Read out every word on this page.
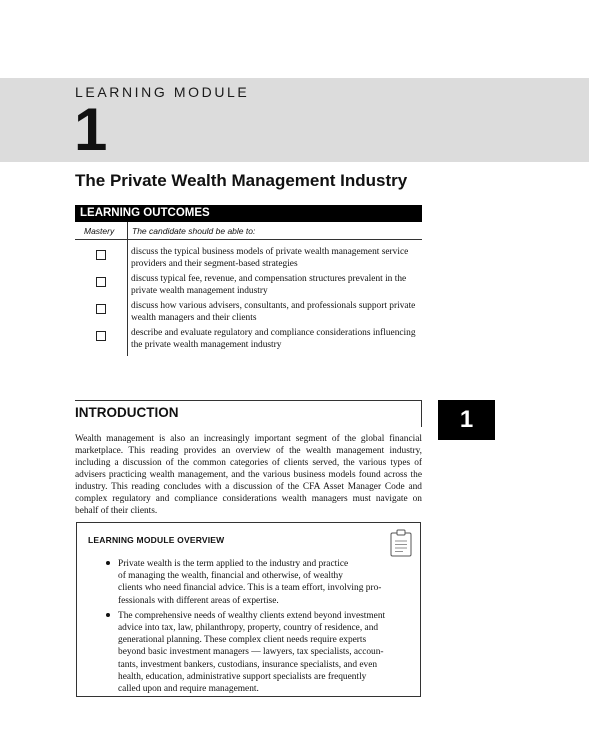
LEARNING MODULE
1
The Private Wealth Management Industry
LEARNING OUTCOMES
Mastery The candidate should be able to:
discuss the typical business models of private wealth management service providers and their segment-based strategies
discuss typical fee, revenue, and compensation structures prevalent in the private wealth management industry
discuss how various advisers, consultants, and professionals support private wealth managers and their clients
describe and evaluate regulatory and compliance considerations influencing the private wealth management industry
INTRODUCTION	1
Wealth management is also an increasingly important segment of the global financial marketplace. This reading provides an overview of the wealth management industry, including a discussion of the common categories of clients served, the various types of advisers practicing wealth management, and the various business models found across the industry. This reading concludes with a discussion of the CFA Asset Manager Code and complex regulatory and compliance considerations wealth managers must navigate on behalf of their clients.
LEARNING MODULE OVERVIEW
Private wealth is the term applied to the industry and practice
of managing the wealth, financial and otherwise, of wealthy
clients who need financial advice. This is a team effort, involving pro-
fessionals with different areas of expertise.
The comprehensive needs of wealthy clients extend beyond investment
advice into tax, law, philanthropy, property, country of residence, and
generational planning. These complex client needs require experts
beyond basic investment managers — lawyers, tax specialists, accoun-
tants, investment bankers, custodians, insurance specialists, and even
health, education, administrative support specialists are frequently
called upon and require management.
